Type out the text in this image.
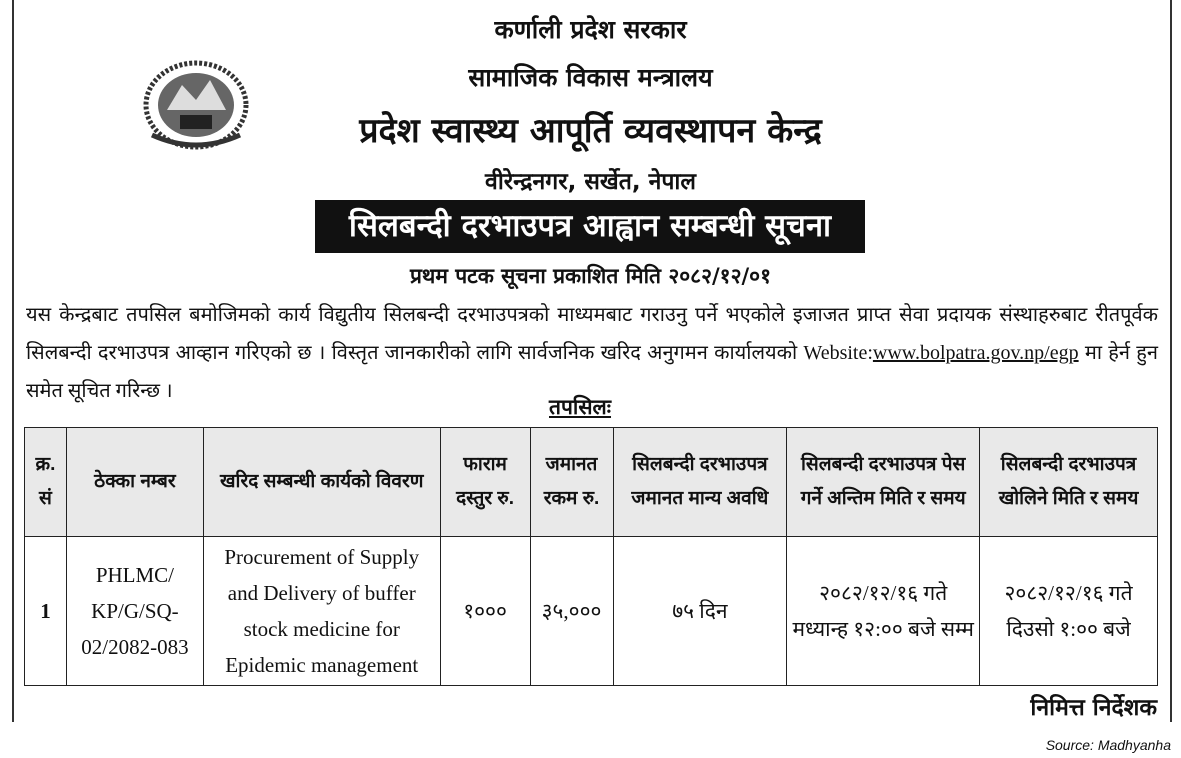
कर्णाली प्रदेश सरकार
सामाजिक विकास मन्त्रालय
प्रदेश स्वास्थ्य आपूर्ति व्यवस्थापन केन्द्र
वीरेन्द्रनगर, सर्खेत, नेपाल
सिलबन्दी दरभाउपत्र आह्वान सम्बन्धी सूचना
प्रथम पटक सूचना प्रकाशित मिति २०८२/१२/०१
यस केन्द्रबाट तपसिल बमोजिमको कार्य विद्युतीय सिलबन्दी दरभाउपत्रको माध्यमबाट गराउनु पर्ने भएकोले इजाजत प्राप्त सेवा प्रदायक संस्थाहरुबाट रीतपूर्वक सिलबन्दी दरभाउपत्र आव्हान गरिएको छ । विस्तृत जानकारीको लागि सार्वजनिक खरिद अनुगमन कार्यालयको Website:www.bolpatra.gov.np/egp मा हेर्न हुन समेत सूचित गरिन्छ ।
तपसिलः
क्र. सं	ठेक्का नम्बर	खरिद सम्बन्धी कार्यको विवरण	फाराम दस्तुर रु.	जमानत रकम रु.	सिलबन्दी दरभाउपत्र जमानत मान्य अवधि	सिलबन्दी दरभाउपत्र पेस गर्ने अन्तिम मिति र समय	सिलबन्दी दरभाउपत्र खोलिने मिति र समय
1	PHLMC/ KP/G/SQ- 02/2082-083	Procurement of Supply and Delivery of buffer stock medicine for Epidemic management	१०००	३५,०००	७५ दिन	२०८२/१२/१६ गते मध्यान्ह १२:०० बजे सम्म	२०८२/१२/१६ गते दिउसो १:०० बजे
निमित्त निर्देशक
Source: Madhyanha
